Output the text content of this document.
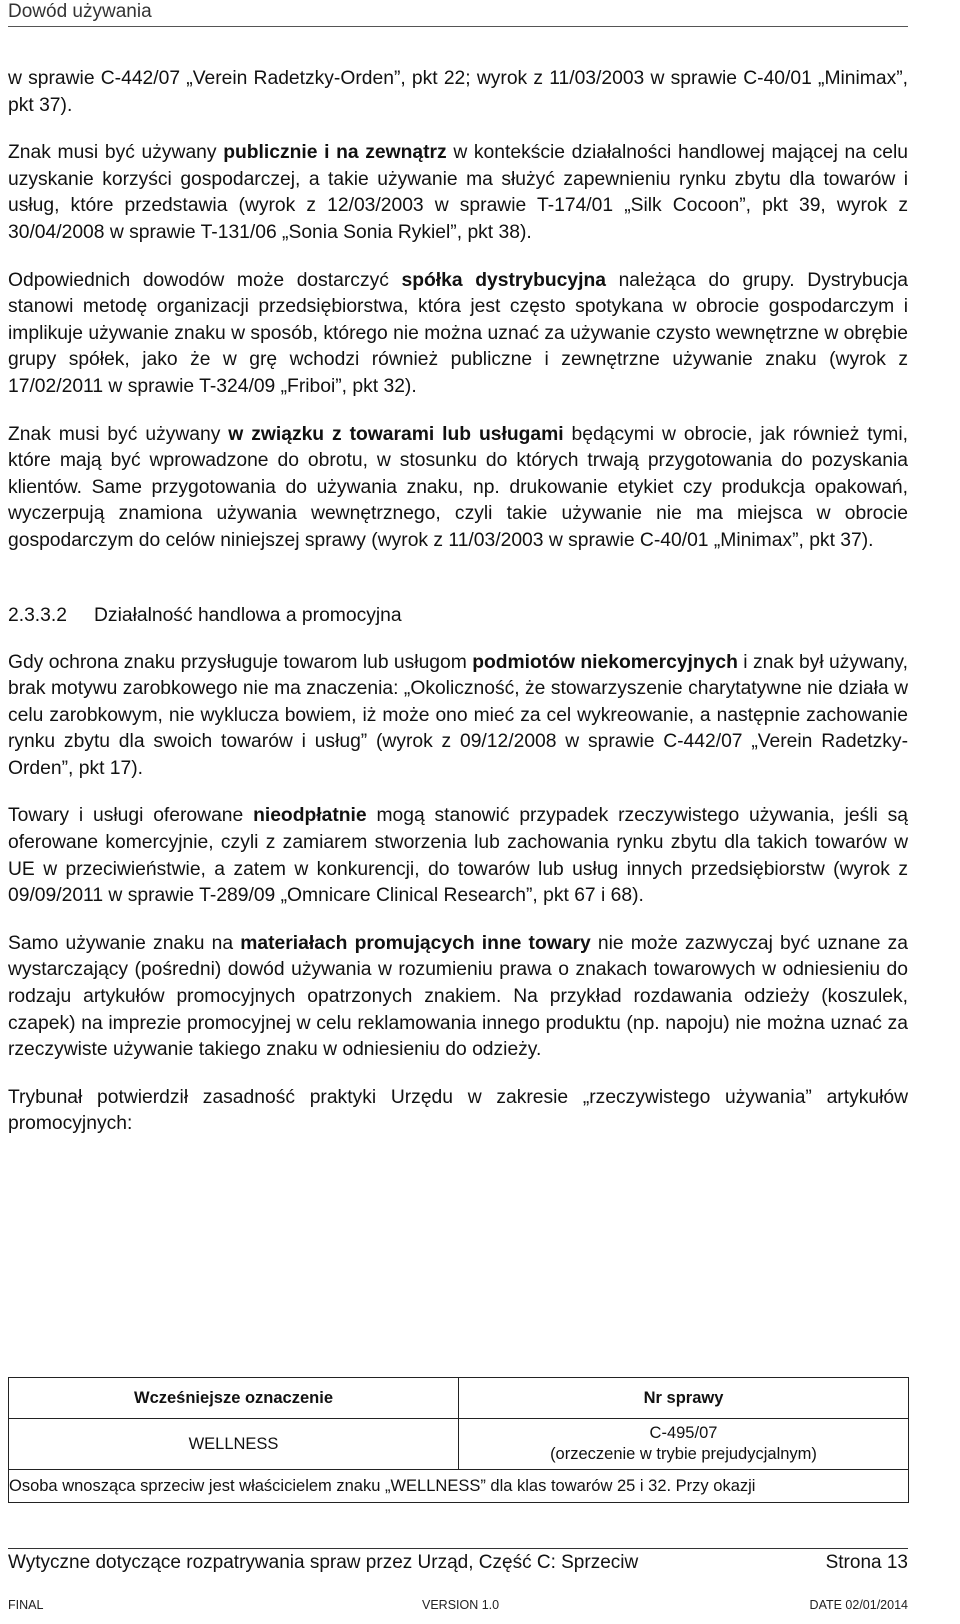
Dowód używania

w sprawie C-442/07 „Verein Radetzky-Orden”, pkt 22; wyrok z 11/03/2003 w sprawie C-40/01 „Minimax”, pkt 37).

Znak musi być używany publicznie i na zewnątrz w kontekście działalności handlowej mającej na celu uzyskanie korzyści gospodarczej, a takie używanie ma służyć zapewnieniu rynku zbytu dla towarów i usług, które przedstawia (wyrok z 12/03/2003 w sprawie T-174/01 „Silk Cocoon”, pkt 39, wyrok z 30/04/2008 w sprawie T-131/06 „Sonia Sonia Rykiel”, pkt 38).

Odpowiednich dowodów może dostarczyć spółka dystrybucyjna należąca do grupy. Dystrybucja stanowi metodę organizacji przedsiębiorstwa, która jest często spotykana w obrocie gospodarczym i implikuje używanie znaku w sposób, którego nie można uznać za używanie czysto wewnętrzne w obrębie grupy spółek, jako że w grę wchodzi również publiczne i zewnętrzne używanie znaku (wyrok z 17/02/2011 w sprawie T-324/09 „Friboi”, pkt 32).

Znak musi być używany w związku z towarami lub usługami będącymi w obrocie, jak również tymi, które mają być wprowadzone do obrotu, w stosunku do których trwają przygotowania do pozyskania klientów. Same przygotowania do używania znaku, np. drukowanie etykiet czy produkcja opakowań, wyczerpują znamiona używania wewnętrznego, czyli takie używanie nie ma miejsca w obrocie gospodarczym do celów niniejszej sprawy (wyrok z 11/03/2003 w sprawie C-40/01 „Minimax”, pkt 37).

2.3.3.2 Działalność handlowa a promocyjna

Gdy ochrona znaku przysługuje towarom lub usługom podmiotów niekomercyjnych i znak był używany, brak motywu zarobkowego nie ma znaczenia: „Okoliczność, że stowarzyszenie charytatywne nie działa w celu zarobkowym, nie wyklucza bowiem, iż może ono mieć za cel wykreowanie, a następnie zachowanie rynku zbytu dla swoich towarów i usług” (wyrok z 09/12/2008 w sprawie C-442/07 „Verein Radetzky-Orden”, pkt 17).

Towary i usługi oferowane nieodpłatnie mogą stanowić przypadek rzeczywistego używania, jeśli są oferowane komercyjnie, czyli z zamiarem stworzenia lub zachowania rynku zbytu dla takich towarów w UE w przeciwieństwie, a zatem w konkurencji, do towarów lub usług innych przedsiębiorstw (wyrok z 09/09/2011 w sprawie T-289/09 „Omnicare Clinical Research”, pkt 67 i 68).

Samo używanie znaku na materiałach promujących inne towary nie może zazwyczaj być uznane za wystarczający (pośredni) dowód używania w rozumieniu prawa o znakach towarowych w odniesieniu do rodzaju artykułów promocyjnych opatrzonych znakiem. Na przykład rozdawania odzieży (koszulek, czapek) na imprezie promocyjnej w celu reklamowania innego produktu (np. napoju) nie można uznać za rzeczywiste używanie takiego znaku w odniesieniu do odzieży.

Trybunał potwierdził zasadność praktyki Urzędu w zakresie „rzeczywistego używania” artykułów promocyjnych:

Wcześniejsze oznaczenie	Nr sprawy
WELLNESS	C-495/07
(orzeczenie w trybie prejudycjalnym)

Osoba wnosząca sprzeciw jest właścicielem znaku „WELLNESS” dla klas towarów 25 i 32. Przy okazji	
Wytyczne dotyczące rozpatrywania spraw przez Urząd, Część C: Sprzeciw	Strona 13
FINAL	VERSION 1.0	DATE 02/01/2014
